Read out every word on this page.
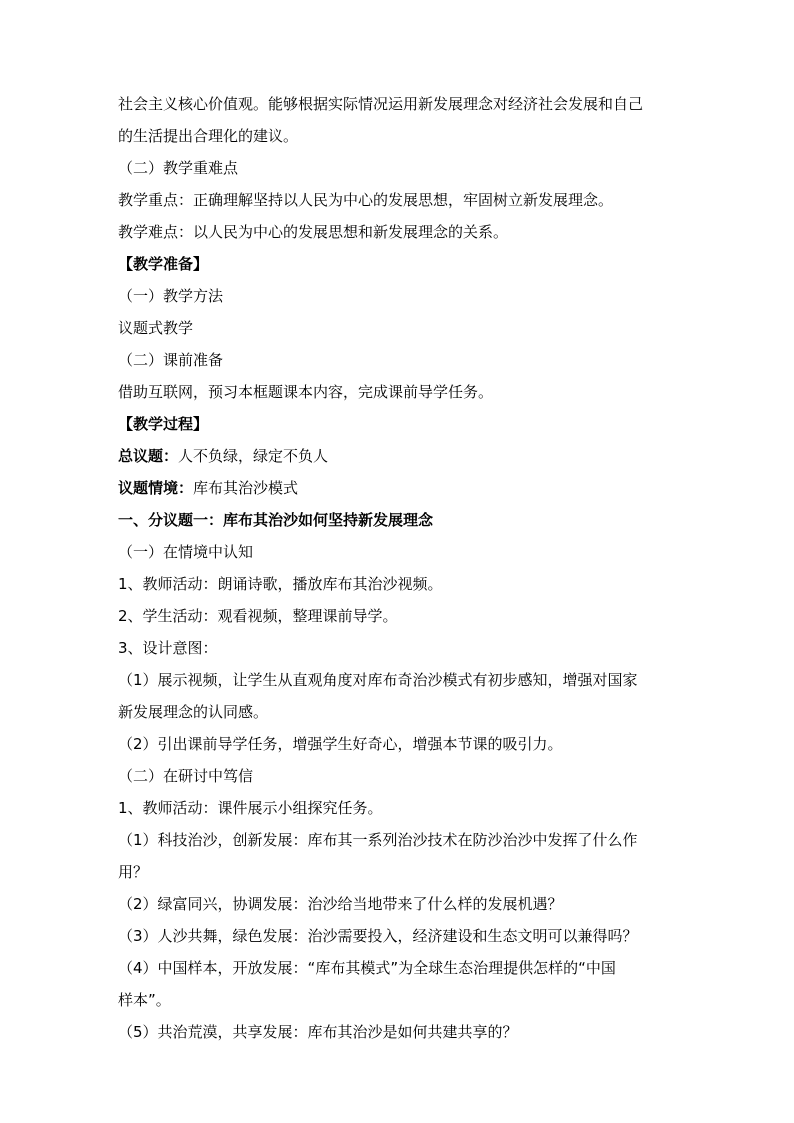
社会主义核心价值观。能够根据实际情况运用新发展理念对经济社会发展和自己
的生活提出合理化的建议。
（二）教学重难点
教学重点：正确理解坚持以人民为中心的发展思想，牢固树立新发展理念。
教学难点：以人民为中心的发展思想和新发展理念的关系。
【教学准备】
（一）教学方法
议题式教学
（二）课前准备
借助互联网，预习本框题课本内容，完成课前导学任务。
【教学过程】
总议题：人不负绿，绿定不负人
议题情境：库布其治沙模式
一、分议题一：库布其治沙如何坚持新发展理念
（一）在情境中认知
1、教师活动：朗诵诗歌，播放库布其治沙视频。
2、学生活动：观看视频，整理课前导学。
3、设计意图：
（1）展示视频，让学生从直观角度对库布奇治沙模式有初步感知，增强对国家
新发展理念的认同感。
（2）引出课前导学任务，增强学生好奇心，增强本节课的吸引力。
（二）在研讨中笃信
1、教师活动：课件展示小组探究任务。
（1）科技治沙，创新发展：库布其一系列治沙技术在防沙治沙中发挥了什么作
用？
（2）绿富同兴，协调发展：治沙给当地带来了什么样的发展机遇？
（3）人沙共舞，绿色发展：治沙需要投入，经济建设和生态文明可以兼得吗？
（4）中国样本，开放发展：“库布其模式”为全球生态治理提供怎样的“中国
样本”。
（5）共治荒漠，共享发展：库布其治沙是如何共建共享的？
